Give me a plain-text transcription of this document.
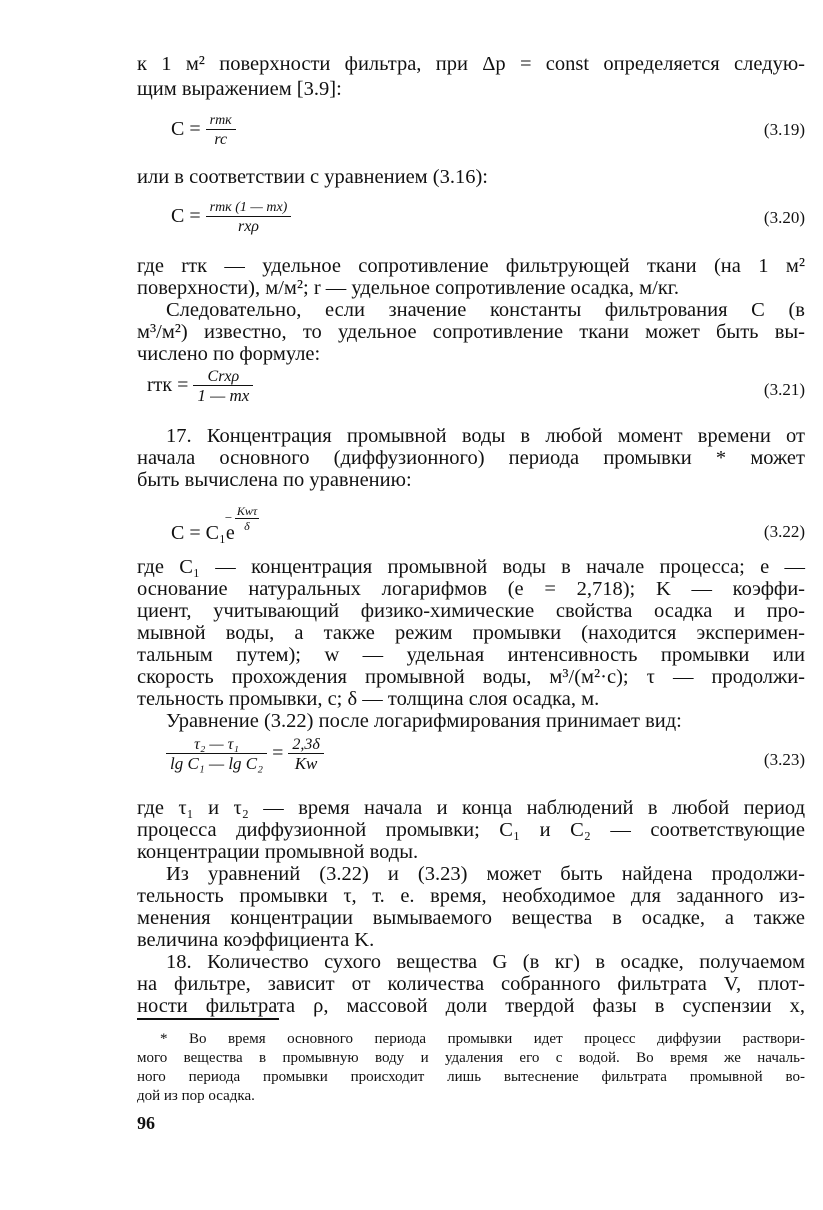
к 1 м² поверхности фильтра, при Δp = const определяется следую-
щим выражением [3.9]:
$C = \frac{\text{rтк}}{rc}$	(3.19)
или в соответствии с уравнением (3.16):
$C = \frac{\text{rтк (1 — mx)}}{\text{rxρ}}$	(3.20)
где rтк — удельное сопротивление фильтрующей ткани (на 1 м²
поверхности), м/м²; r — удельное сопротивление осадка, м/кг.
Следовательно, если значение константы фильтрования C (в
м³/м²) известно, то удельное сопротивление ткани может быть вы-
числено по формуле:
rтк = $\frac{\text{Crxρ}}{1 — mx}$	(3.21)
17. Концентрация промывной воды в любой момент времени от
начала основного (диффузионного) периода промывки * может
быть вычислена по уравнению:
C = C₁e
− Kwτ
δ	(3.22)
где C₁ — концентрация промывной воды в начале процесса; е —
основание натуральных логарифмов (е = 2,718); K — коэффи-
циент, учитывающий физико-химические свойства осадка и про-
мывной воды, а также режим промывки (находится эксперимен-
тальным путем); w — удельная интенсивность промывки или
скорость прохождения промывной воды, м³/(м²·с); τ — продолжи-
тельность промывки, с; δ — толщина слоя осадка, м.
Уравнение (3.22) после логарифмирования принимает вид:
$\frac{\text{τ₂ — τ₁}}{\text{lg C₁ — lg C₂}} = \frac{2,3\delta}{Kw}$	(3.23)
где τ₁ и τ₂ — время начала и конца наблюдений в любой период
процесса диффузионной промывки; C₁ и C₂ — соответствующие
концентрации промывной воды.
Из уравнений (3.22) и (3.23) может быть найдена продолжи-
тельность промывки τ, т. е. время, необходимое для заданного из-
менения концентрации вымываемого вещества в осадке, а также
величина коэффициента K.
18. Количество сухого вещества G (в кг) в осадке, получаемом
на фильтре, зависит от количества собранного фильтрата V, плот-
ности фильтрата ρ, массовой доли твердой фазы в суспензии x,
* Во время основного периода промывки идет процесс диффузии раствори-
мого вещества в промывную воду и удаления его с водой. Во время же началь-
ного периода промывки происходит лишь вытеснение фильтрата промывной во-
дой из пор осадка.
96
